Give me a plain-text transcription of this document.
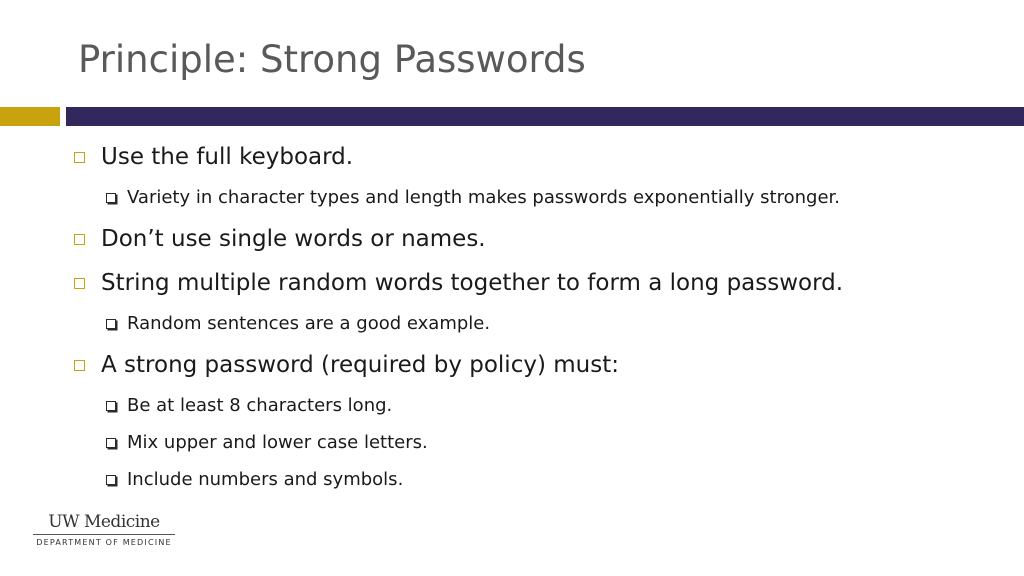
Principle: Strong Passwords
Use the full keyboard.
Variety in character types and length makes passwords exponentially stronger.
Don’t use single words or names.
String multiple random words together to form a long password.
Random sentences are a good example.
A strong password (required by policy) must:
Be at least 8 characters long.
Mix upper and lower case letters.
Include numbers and symbols.
UW Medicine
DEPARTMENT OF MEDICINE
